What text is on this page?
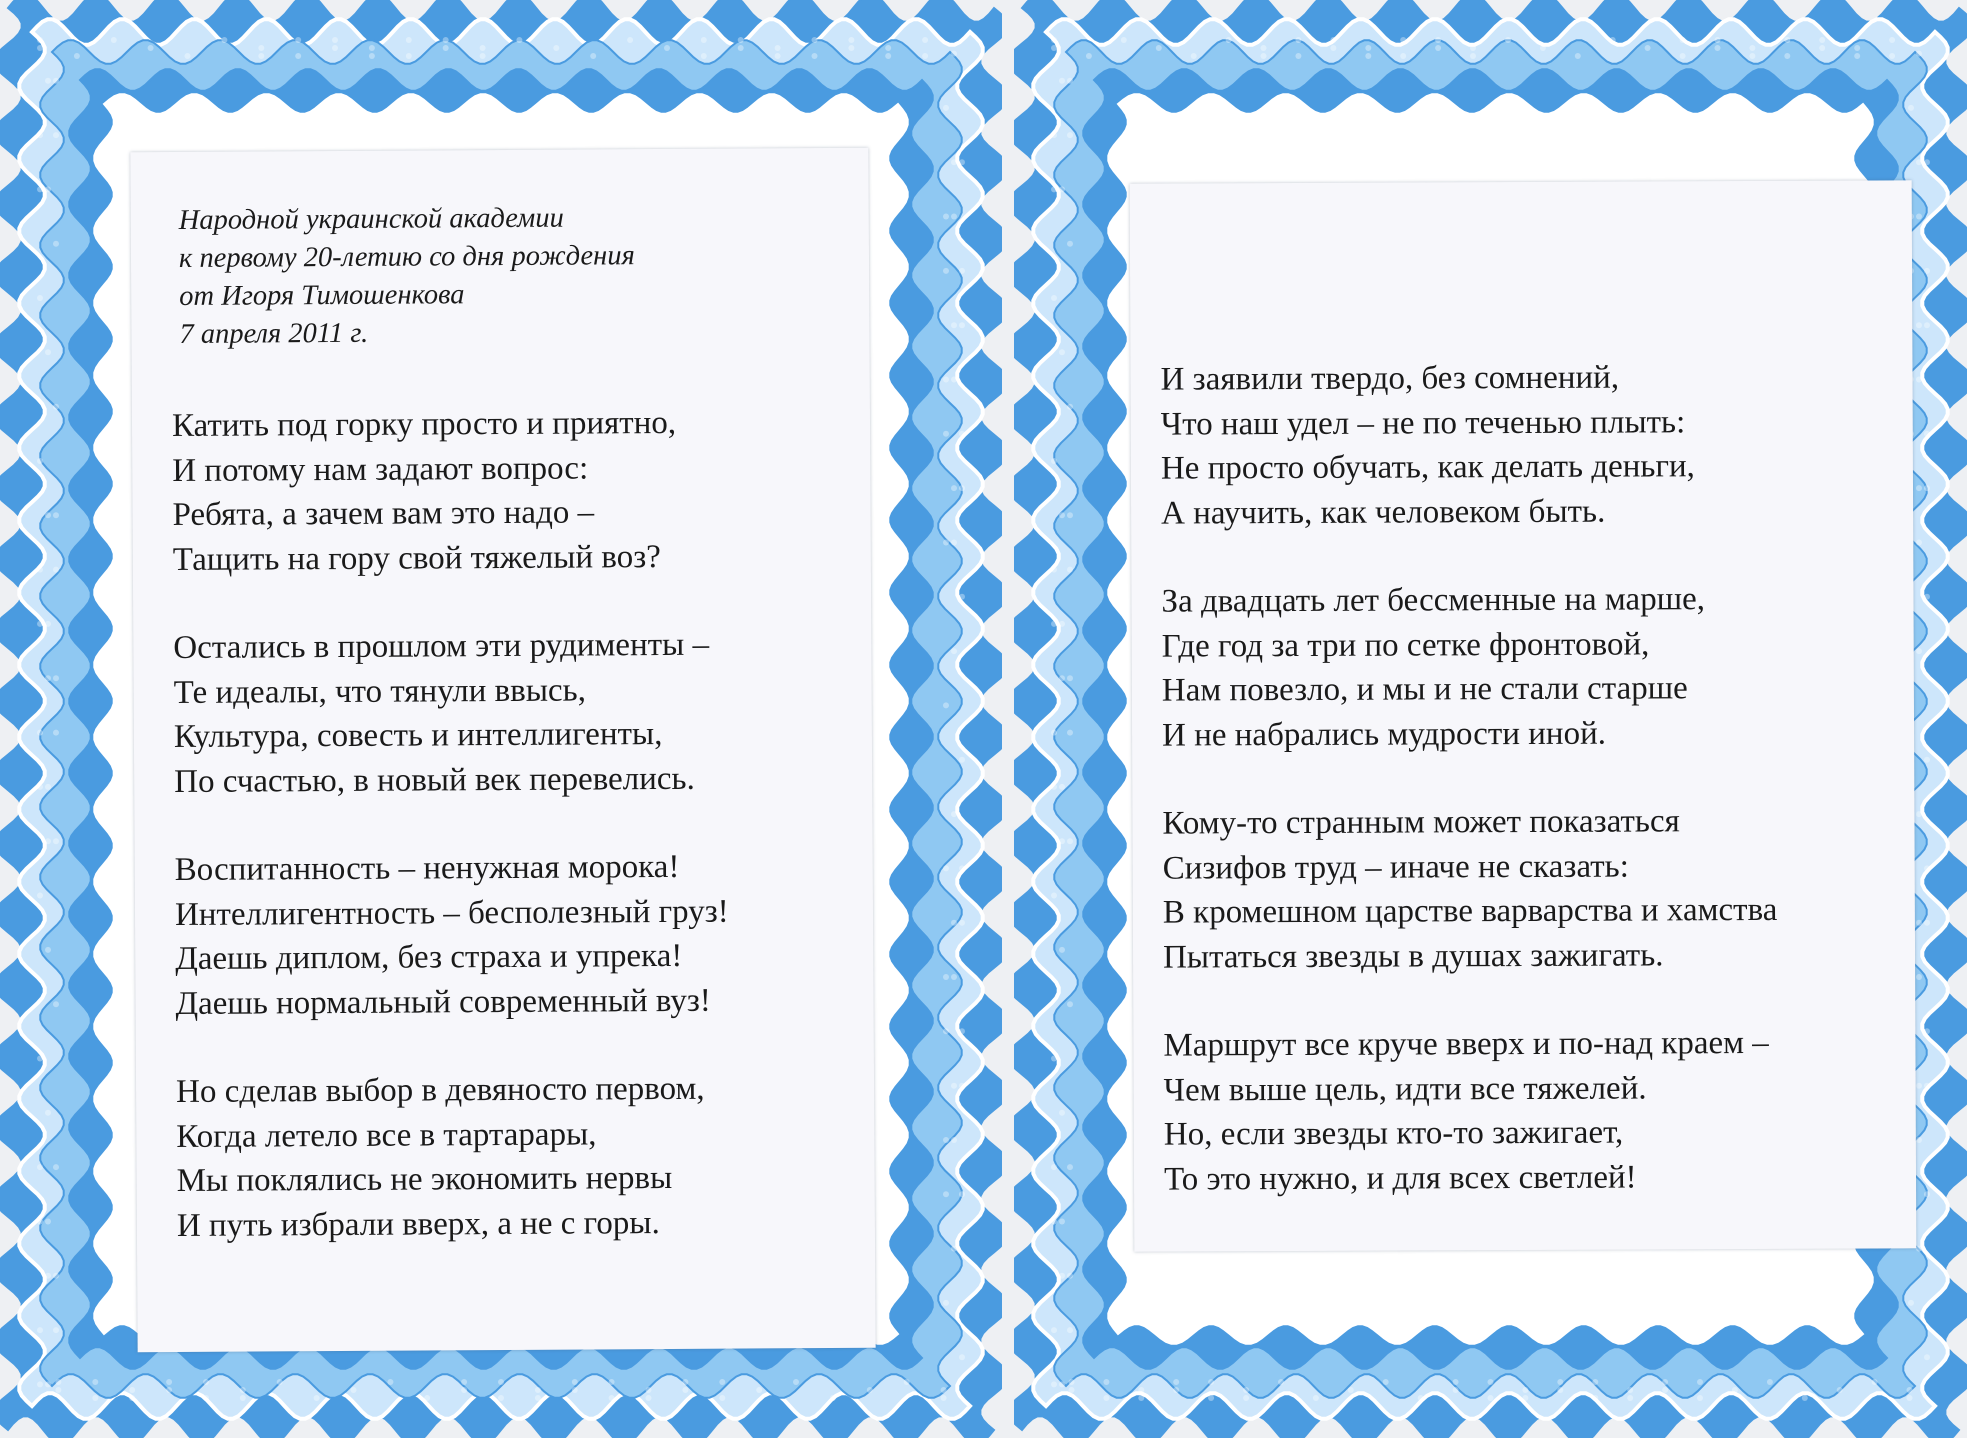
Народной украинской академии
к первому 20-летию со дня рождения
от Игоря Тимошенкова
7 апреля 2011 г.
Катить под горку просто и приятно,
И потому нам задают вопрос:
Ребята, а зачем вам это надо –
Тащить на гору свой тяжелый воз?
Остались в прошлом эти рудименты –
Те идеалы, что тянули ввысь,
Культура, совесть и интеллигенты,
По счастью, в новый век перевелись.
Воспитанность – ненужная морока!
Интеллигентность – бесполезный груз!
Даешь диплом, без страха и упрека!
Даешь нормальный современный вуз!
Но сделав выбор в девяносто первом,
Когда летело все в тартарары,
Мы поклялись не экономить нервы
И путь избрали вверх, а не с горы.
И заявили твердо, без сомнений,
Что наш удел – не по теченью плыть:
Не просто обучать, как делать деньги,
А научить, как человеком быть.
За двадцать лет бессменные на марше,
Где год за три по сетке фронтовой,
Нам повезло, и мы и не стали старше
И не набрались мудрости иной.
Кому-то странным может показаться
Сизифов труд – иначе не сказать:
В кромешном царстве варварства и хамства
Пытаться звезды в душах зажигать.
Маршрут все круче вверх и по-над краем –
Чем выше цель, идти все тяжелей.
Но, если звезды кто-то зажигает,
То это нужно, и для всех светлей!
